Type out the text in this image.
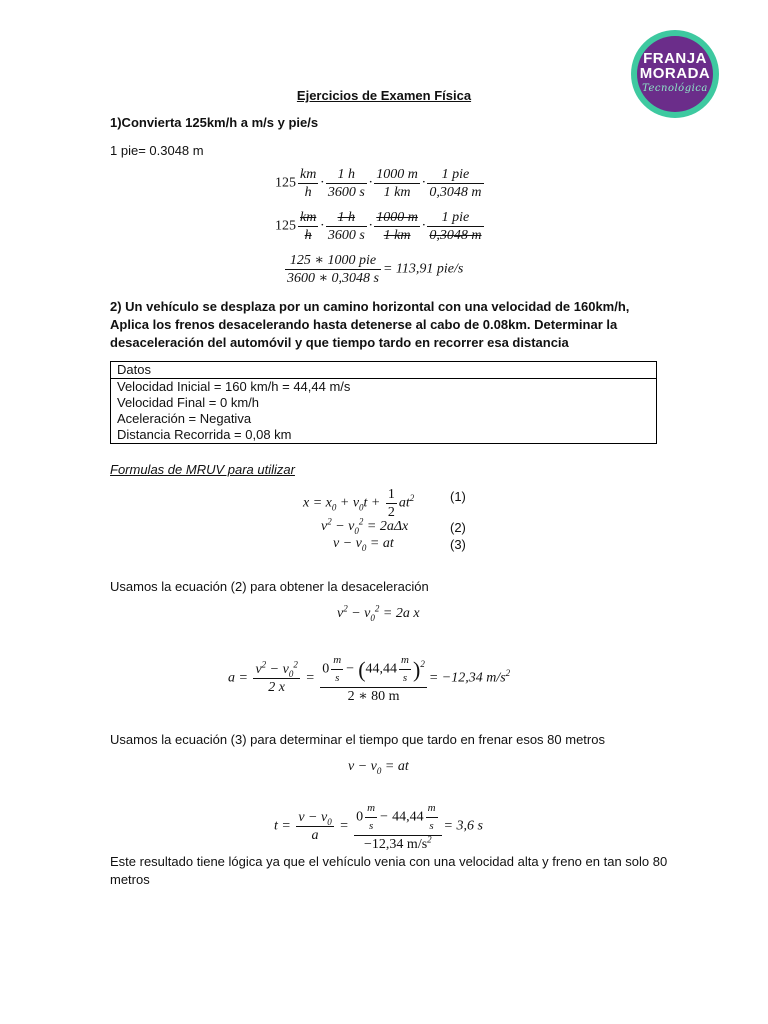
FRANJA
MORADA
Tecnológica
Ejercicios de Examen Física
1)Convierta 125km/h a m/s y pie/s
1 pie= 0.3048 m
$125 \frac{km}{h} \cdot \frac{1 h}{3600 s} \cdot \frac{1000 m}{1 km} \cdot \frac{\text{1 pie}}{0,3048 m}$
$125 \frac{km}{h} \cdot \frac{1 h}{3600 s} \cdot \frac{1000 m}{1 km} \cdot \frac{\text{1 pie}}{0,3048 m}$
$\frac{\text{125 ∗ 1000 pie}}{3600 ∗ 0,3048 s} = 113,91$ pie/s
2) Un vehículo se desplaza por un camino horizontal con una velocidad de 160km/h, Aplica los frenos desacelerando hasta detenerse al cabo de 0.08km. Determinar la desaceleración del automóvil y que tiempo tardo en recorrer esa distancia
Datos

Velocidad Inicial = 160 km/h = 44,44 m/s
Velocidad Final = 0 km/h
Aceleración = Negativa
Distancia Recorrida = 0,08 km
Formulas de MRUV para utilizar
$x = x_0 + v_0t + \frac{1}{2} at^2$	(1)
$v^2 - v_0^2 = 2a\Delta x$	(2)
$v - v_0$ = at	(3)
Usamos la ecuación (2) para obtener la desaceleración
$v^2 - v_0^2 = 2a$ x
$a = \frac{v^2 - v_0^2}{2 x} = \frac{0 \frac{m}{s} - (44,44 \frac{m}{s} )^2}{2 ∗ 80 m} = -12,34$ $m/s^2$
Usamos la ecuación (3) para determinar el tiempo que tardo en frenar esos 80 metros
$v - v_0$ = at
$t = \frac{v - v_0}{a} = \frac{0 \frac{m}{s} - 44,44 \frac{m}{s}}{-12,34 m/s^2} = 3,6$ s
Este resultado tiene lógica ya que el vehículo venia con una velocidad alta y freno en tan solo 80 metros
